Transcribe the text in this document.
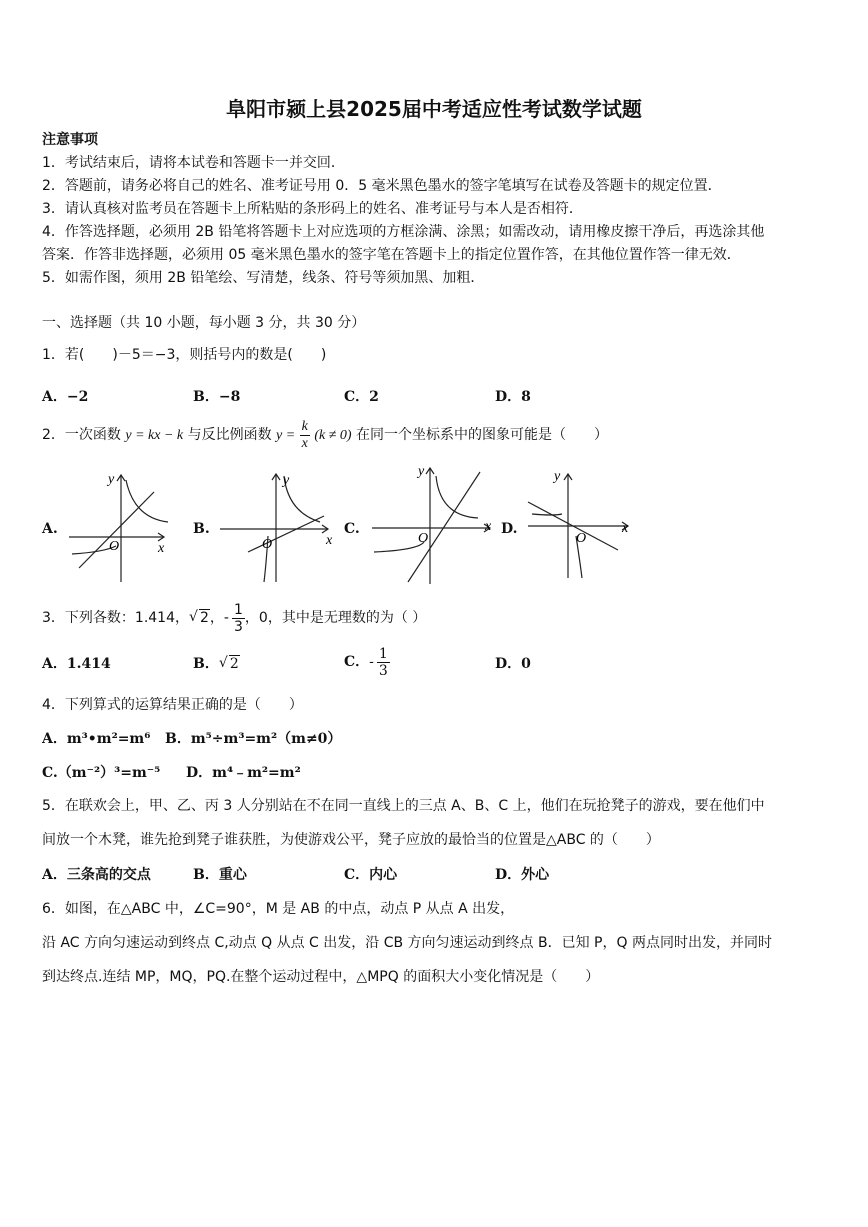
阜阳市颍上县2025届中考适应性考试数学试题
注意事项
1．考试结束后，请将本试卷和答题卡一并交回．
2．答题前，请务必将自己的姓名、准考证号用 0．5 毫米黑色墨水的签字笔填写在试卷及答题卡的规定位置．
3．请认真核对监考员在答题卡上所粘贴的条形码上的姓名、准考证号与本人是否相符．
4．作答选择题，必须用 2B 铅笔将答题卡上对应选项的方框涂满、涂黑；如需改动，请用橡皮擦干净后，再选涂其他
答案．作答非选择题，必须用 05 毫米黑色墨水的签字笔在答题卡上的指定位置作答，在其他位置作答一律无效．
5．如需作图，须用 2B 铅笔绘、写清楚，线条、符号等须加黑、加粗．
一、选择题（共 10 小题，每小题 3 分，共 30 分）
1．若(　　)－5＝−3，则括号内的数是(　　)
A．−2	B．−8	C．2	D．8
2．一次函数 y = kx − k 与反比例函数 $y = \frac{k}{x} (k \ne 0)$ 在同一个坐标系中的图象可能是（　　）
A.
y
O	x
B.
y
O	x
C.
y
O
x D.
y
O
x
3．下列各数：1.414， √ 2，- $\frac{1}{3}$ ，0，其中是无理数的为（ ）
A．1.414	B． √ 2	C．- $\frac{1}{3}$	D．0
4．下列算式的运算结果正确的是（　　）
A．m³•m²=m⁶ B．m⁵÷m³=m²（m≠0）
C.（m⁻²）³=m⁻⁵ D．m⁴﹣m²=m²
5．在联欢会上，甲、乙、丙 3 人分别站在不在同一直线上的三点 A、B、C 上，他们在玩抢凳子的游戏，要在他们中
间放一个木凳，谁先抢到凳子谁获胜，为使游戏公平，凳子应放的最恰当的位置是△ABC 的（　　）
A．三条高的交点	B．重心	C．内心	D．外心
6．如图，在△ABC 中，∠C=90°，M 是 AB 的中点，动点 P 从点 A 出发，
沿 AC 方向匀速运动到终点 C,动点 Q 从点 C 出发，沿 CB 方向匀速运动到终点 B．已知 P，Q 两点同时出发，并同时
到达终点.连结 MP，MQ，PQ.在整个运动过程中，△MPQ 的面积大小变化情况是（　　）
